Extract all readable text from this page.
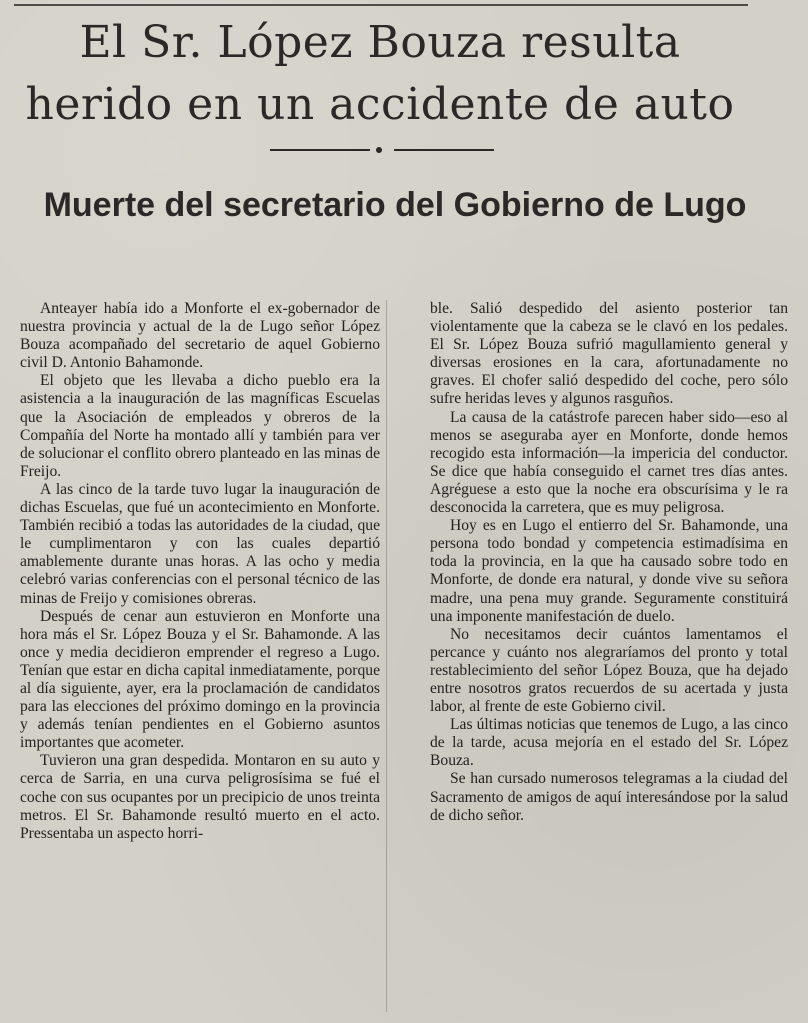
El Sr. López Bouza resulta herido en un accidente de auto
Muerte del secretario del Gobierno de Lugo

Anteayer había ido a Monforte el ex-gobernador de nuestra provincia y actual de la de Lugo señor López Bouza acompañado del secretario de aquel Gobierno civil D. Antonio Bahamonde.

El objeto que les llevaba a dicho pueblo era la asistencia a la inauguración de las magníficas Escuelas que la Asociación de empleados y obreros de la Compañía del Norte ha montado allí y también para ver de solucionar el conflito obrero planteado en las minas de Freijo.

A las cinco de la tarde tuvo lugar la inauguración de dichas Escuelas, que fué un acontecimiento en Monforte. También recibió a todas las autoridades de la ciudad, que le cumplimentaron y con las cuales departió amablemente durante unas horas. A las ocho y media celebró varias conferencias con el personal técnico de las minas de Freijo y comisiones obreras.

Después de cenar aun estuvieron en Monforte una hora más el Sr. López Bouza y el Sr. Bahamonde. A las once y media decidieron emprender el regreso a Lugo. Tenían que estar en dicha capital inmediatamente, porque al día siguiente, ayer, era la proclamación de candidatos para las elecciones del próximo domingo en la provincia y además tenían pendientes en el Gobierno asuntos importantes que acometer.

Tuvieron una gran despedida. Montaron en su auto y cerca de Sarria, en una curva peligrosísima se fué el coche con sus ocupantes por un precipicio de unos treinta metros. El Sr. Bahamonde resultó muerto en el acto. Pressentaba un aspecto horri-

ble. Salió despedido del asiento posterior tan violentamente que la cabeza se le clavó en los pedales. El Sr. López Bouza sufrió magullamiento general y diversas erosiones en la cara, afortunadamente no graves. El chofer salió despedido del coche, pero sólo sufre heridas leves y algunos rasguños.

La causa de la catástrofe parecen haber sido—eso al menos se aseguraba ayer en Monforte, donde hemos recogido esta información—la impericia del conductor. Se dice que había conseguido el carnet tres días antes. Agréguese a esto que la noche era obscurísima y le ra desconocida la carretera, que es muy peligrosa.

Hoy es en Lugo el entierro del Sr. Bahamonde, una persona todo bondad y competencia estimadísima en toda la provincia, en la que ha causado sobre todo en Monforte, de donde era natural, y donde vive su señora madre, una pena muy grande. Seguramente constituirá una imponente manifestación de duelo.

No necesitamos decir cuántos lamentamos el percance y cuánto nos alegraríamos del pronto y total restablecimiento del señor López Bouza, que ha dejado entre nosotros gratos recuerdos de su acertada y justa labor, al frente de este Gobierno civil.

Las últimas noticias que tenemos de Lugo, a las cinco de la tarde, acusa mejoría en el estado del Sr. López Bouza.

Se han cursado numerosos telegramas a la ciudad del Sacramento de amigos de aquí interesándose por la salud de dicho señor.
